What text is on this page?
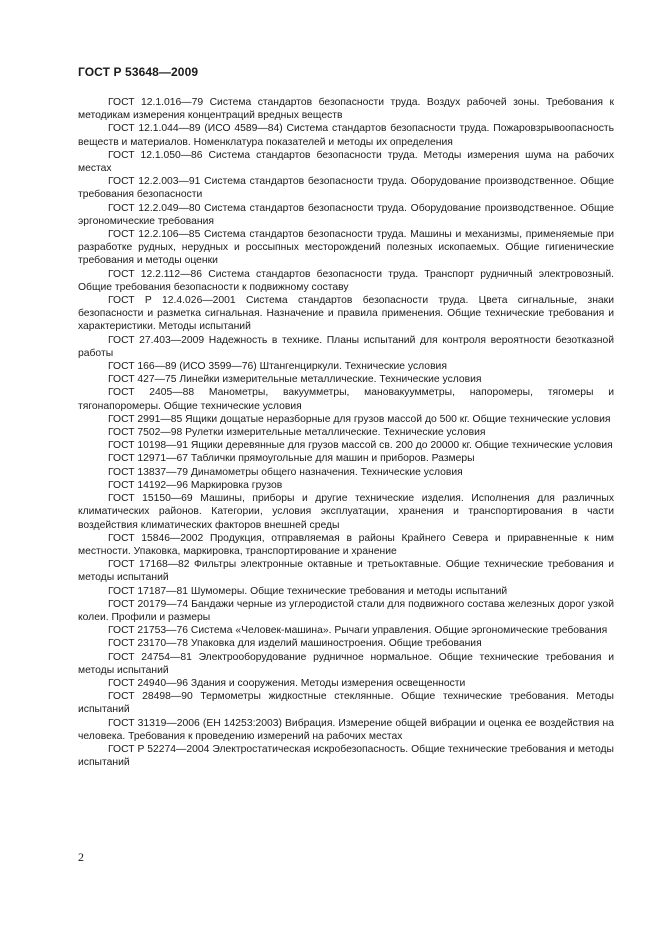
ГОСТ Р 53648—2009

ГОСТ 12.1.016—79 Система стандартов безопасности труда. Воздух рабочей зоны. Требования к методикам измерения концентраций вредных веществ

ГОСТ 12.1.044—89 (ИСО 4589—84) Система стандартов безопасности труда. Пожаровзрывоопасность веществ и материалов. Номенклатура показателей и методы их определения

ГОСТ 12.1.050—86 Система стандартов безопасности труда. Методы измерения шума на рабочих местах

ГОСТ 12.2.003—91 Система стандартов безопасности труда. Оборудование производственное. Общие требования безопасности

ГОСТ 12.2.049—80 Система стандартов безопасности труда. Оборудование производственное. Общие эргономические требования

ГОСТ 12.2.106—85 Система стандартов безопасности труда. Машины и механизмы, применяемые при разработке рудных, нерудных и россыпных месторождений полезных ископаемых. Общие гигиенические требования и методы оценки

ГОСТ 12.2.112—86 Система стандартов безопасности труда. Транспорт рудничный электровозный. Общие требования безопасности к подвижному составу

ГОСТ Р 12.4.026—2001 Система стандартов безопасности труда. Цвета сигнальные, знаки безопасности и разметка сигнальная. Назначение и правила применения. Общие технические требования и характеристики. Методы испытаний

ГОСТ 27.403—2009 Надежность в технике. Планы испытаний для контроля вероятности безотказной работы

ГОСТ 166—89 (ИСО 3599—76) Штангенциркули. Технические условия

ГОСТ 427—75 Линейки измерительные металлические. Технические условия

ГОСТ 2405—88 Манометры, вакуумметры, мановакуумметры, напоромеры, тягомеры и тягонапоромеры. Общие технические условия

ГОСТ 2991—85 Ящики дощатые неразборные для грузов массой до 500 кг. Общие технические условия

ГОСТ 7502—98 Рулетки измерительные металлические. Технические условия

ГОСТ 10198—91 Ящики деревянные для грузов массой св. 200 до 20000 кг. Общие технические условия

ГОСТ 12971—67 Таблички прямоугольные для машин и приборов. Размеры

ГОСТ 13837—79 Динамометры общего назначения. Технические условия

ГОСТ 14192—96 Маркировка грузов

ГОСТ 15150—69 Машины, приборы и другие технические изделия. Исполнения для различных климатических районов. Категории, условия эксплуатации, хранения и транспортирования в части воздействия климатических факторов внешней среды

ГОСТ 15846—2002 Продукция, отправляемая в районы Крайнего Севера и приравненные к ним местности. Упаковка, маркировка, транспортирование и хранение

ГОСТ 17168—82 Фильтры электронные октавные и третьоктавные. Общие технические требования и методы испытаний

ГОСТ 17187—81 Шумомеры. Общие технические требования и методы испытаний

ГОСТ 20179—74 Бандажи черные из углеродистой стали для подвижного состава железных дорог узкой колеи. Профили и размеры

ГОСТ 21753—76 Система «Человек-машина». Рычаги управления. Общие эргономические требования

ГОСТ 23170—78 Упаковка для изделий машиностроения. Общие требования

ГОСТ 24754—81 Электрооборудование рудничное нормальное. Общие технические требования и методы испытаний

ГОСТ 24940—96 Здания и сооружения. Методы измерения освещенности

ГОСТ 28498—90 Термометры жидкостные стеклянные. Общие технические требования. Методы испытаний

ГОСТ 31319—2006 (ЕН 14253:2003) Вибрация. Измерение общей вибрации и оценка ее воздействия на человека. Требования к проведению измерений на рабочих местах

ГОСТ Р 52274—2004 Электростатическая искробезопасность. Общие технические требования и методы испытаний

2
